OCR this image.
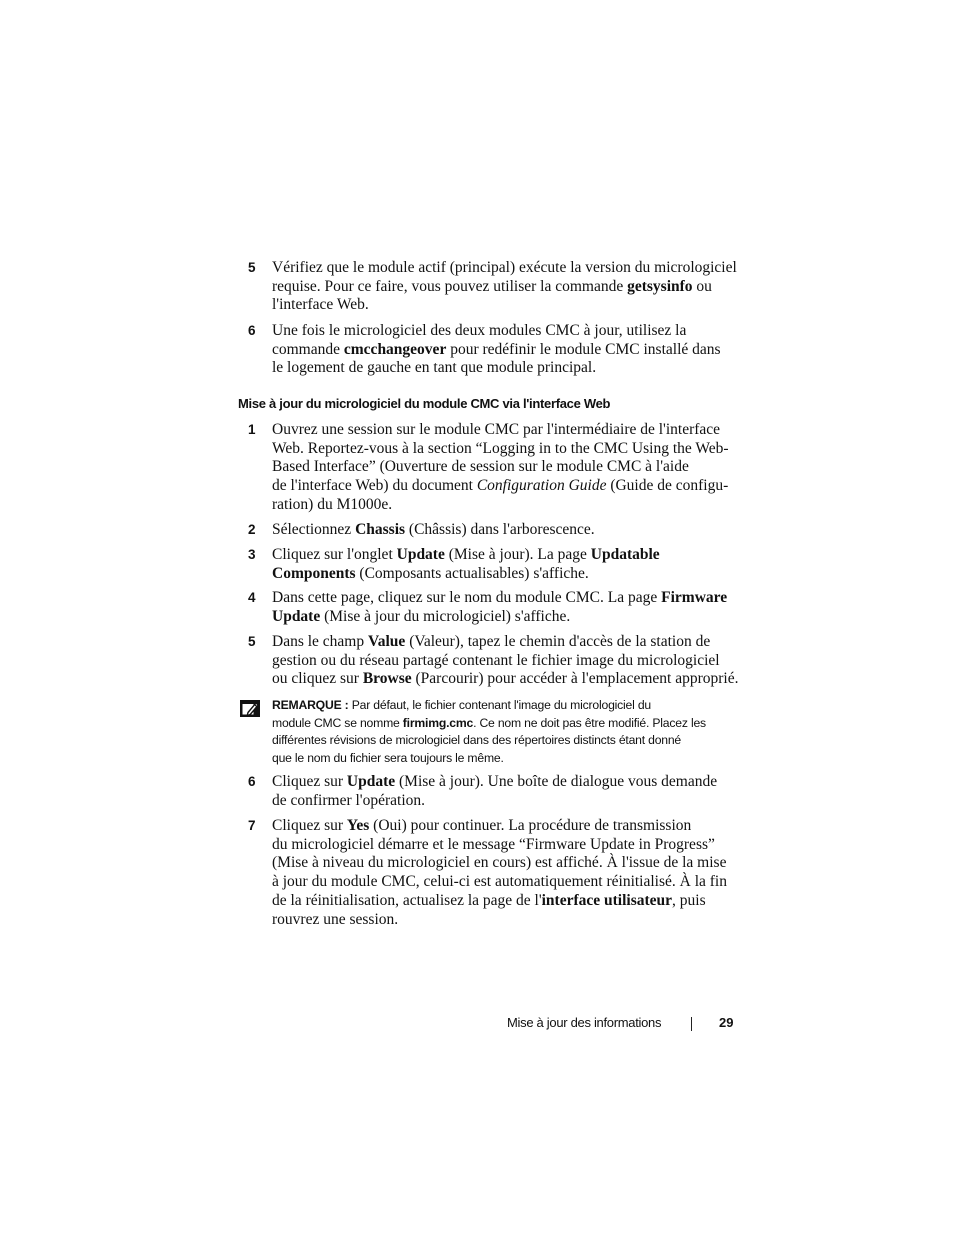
5 Vérifiez que le module actif (principal) exécute la version du micrologiciel

requise. Pour ce faire, vous pouvez utiliser la commande getsysinfo ou

l'interface Web.

6 Une fois le micrologiciel des deux modules CMC à jour, utilisez la

commande cmcchangeover pour redéfinir le module CMC installé dans

le logement de gauche en tant que module principal.

Mise à jour du micrologiciel du module CMC via l'interface Web
1 Ouvrez une session sur le module CMC par l'intermédiaire de l'interface

Web. Reportez-vous à la section “Logging in to the CMC Using the Web-

Based Interface” (Ouverture de session sur le module CMC à l'aide

de l'interface Web) du document Configuration Guide (Guide de configu-

ration) du M1000e.

2 Sélectionnez Chassis (Châssis) dans l'arborescence.

3 Cliquez sur l'onglet Update (Mise à jour). La page Updatable

Components (Composants actualisables) s'affiche.

4 Dans cette page, cliquez sur le nom du module CMC. La page Firmware

Update (Mise à jour du micrologiciel) s'affiche.

5 Dans le champ Value (Valeur), tapez le chemin d'accès de la station de

gestion ou du réseau partagé contenant le fichier image du micrologiciel

ou cliquez sur Browse (Parcourir) pour accéder à l'emplacement approprié.

REMARQUE : Par défaut, le fichier contenant l'image du micrologiciel du

module CMC se nomme firmimg.cmc. Ce nom ne doit pas être modifié. Placez les

différentes révisions de micrologiciel dans des répertoires distincts étant donné

que le nom du fichier sera toujours le même.

6 Cliquez sur Update (Mise à jour). Une boîte de dialogue vous demande

de confirmer l'opération.

7 Cliquez sur Yes (Oui) pour continuer. La procédure de transmission

du micrologiciel démarre et le message “Firmware Update in Progress”

(Mise à niveau du micrologiciel en cours) est affiché. À l'issue de la mise

à jour du module CMC, celui-ci est automatiquement réinitialisé. À la fin

de la réinitialisation, actualisez la page de l'interface utilisateur, puis

rouvrez une session.

Mise à jour des informations	29
